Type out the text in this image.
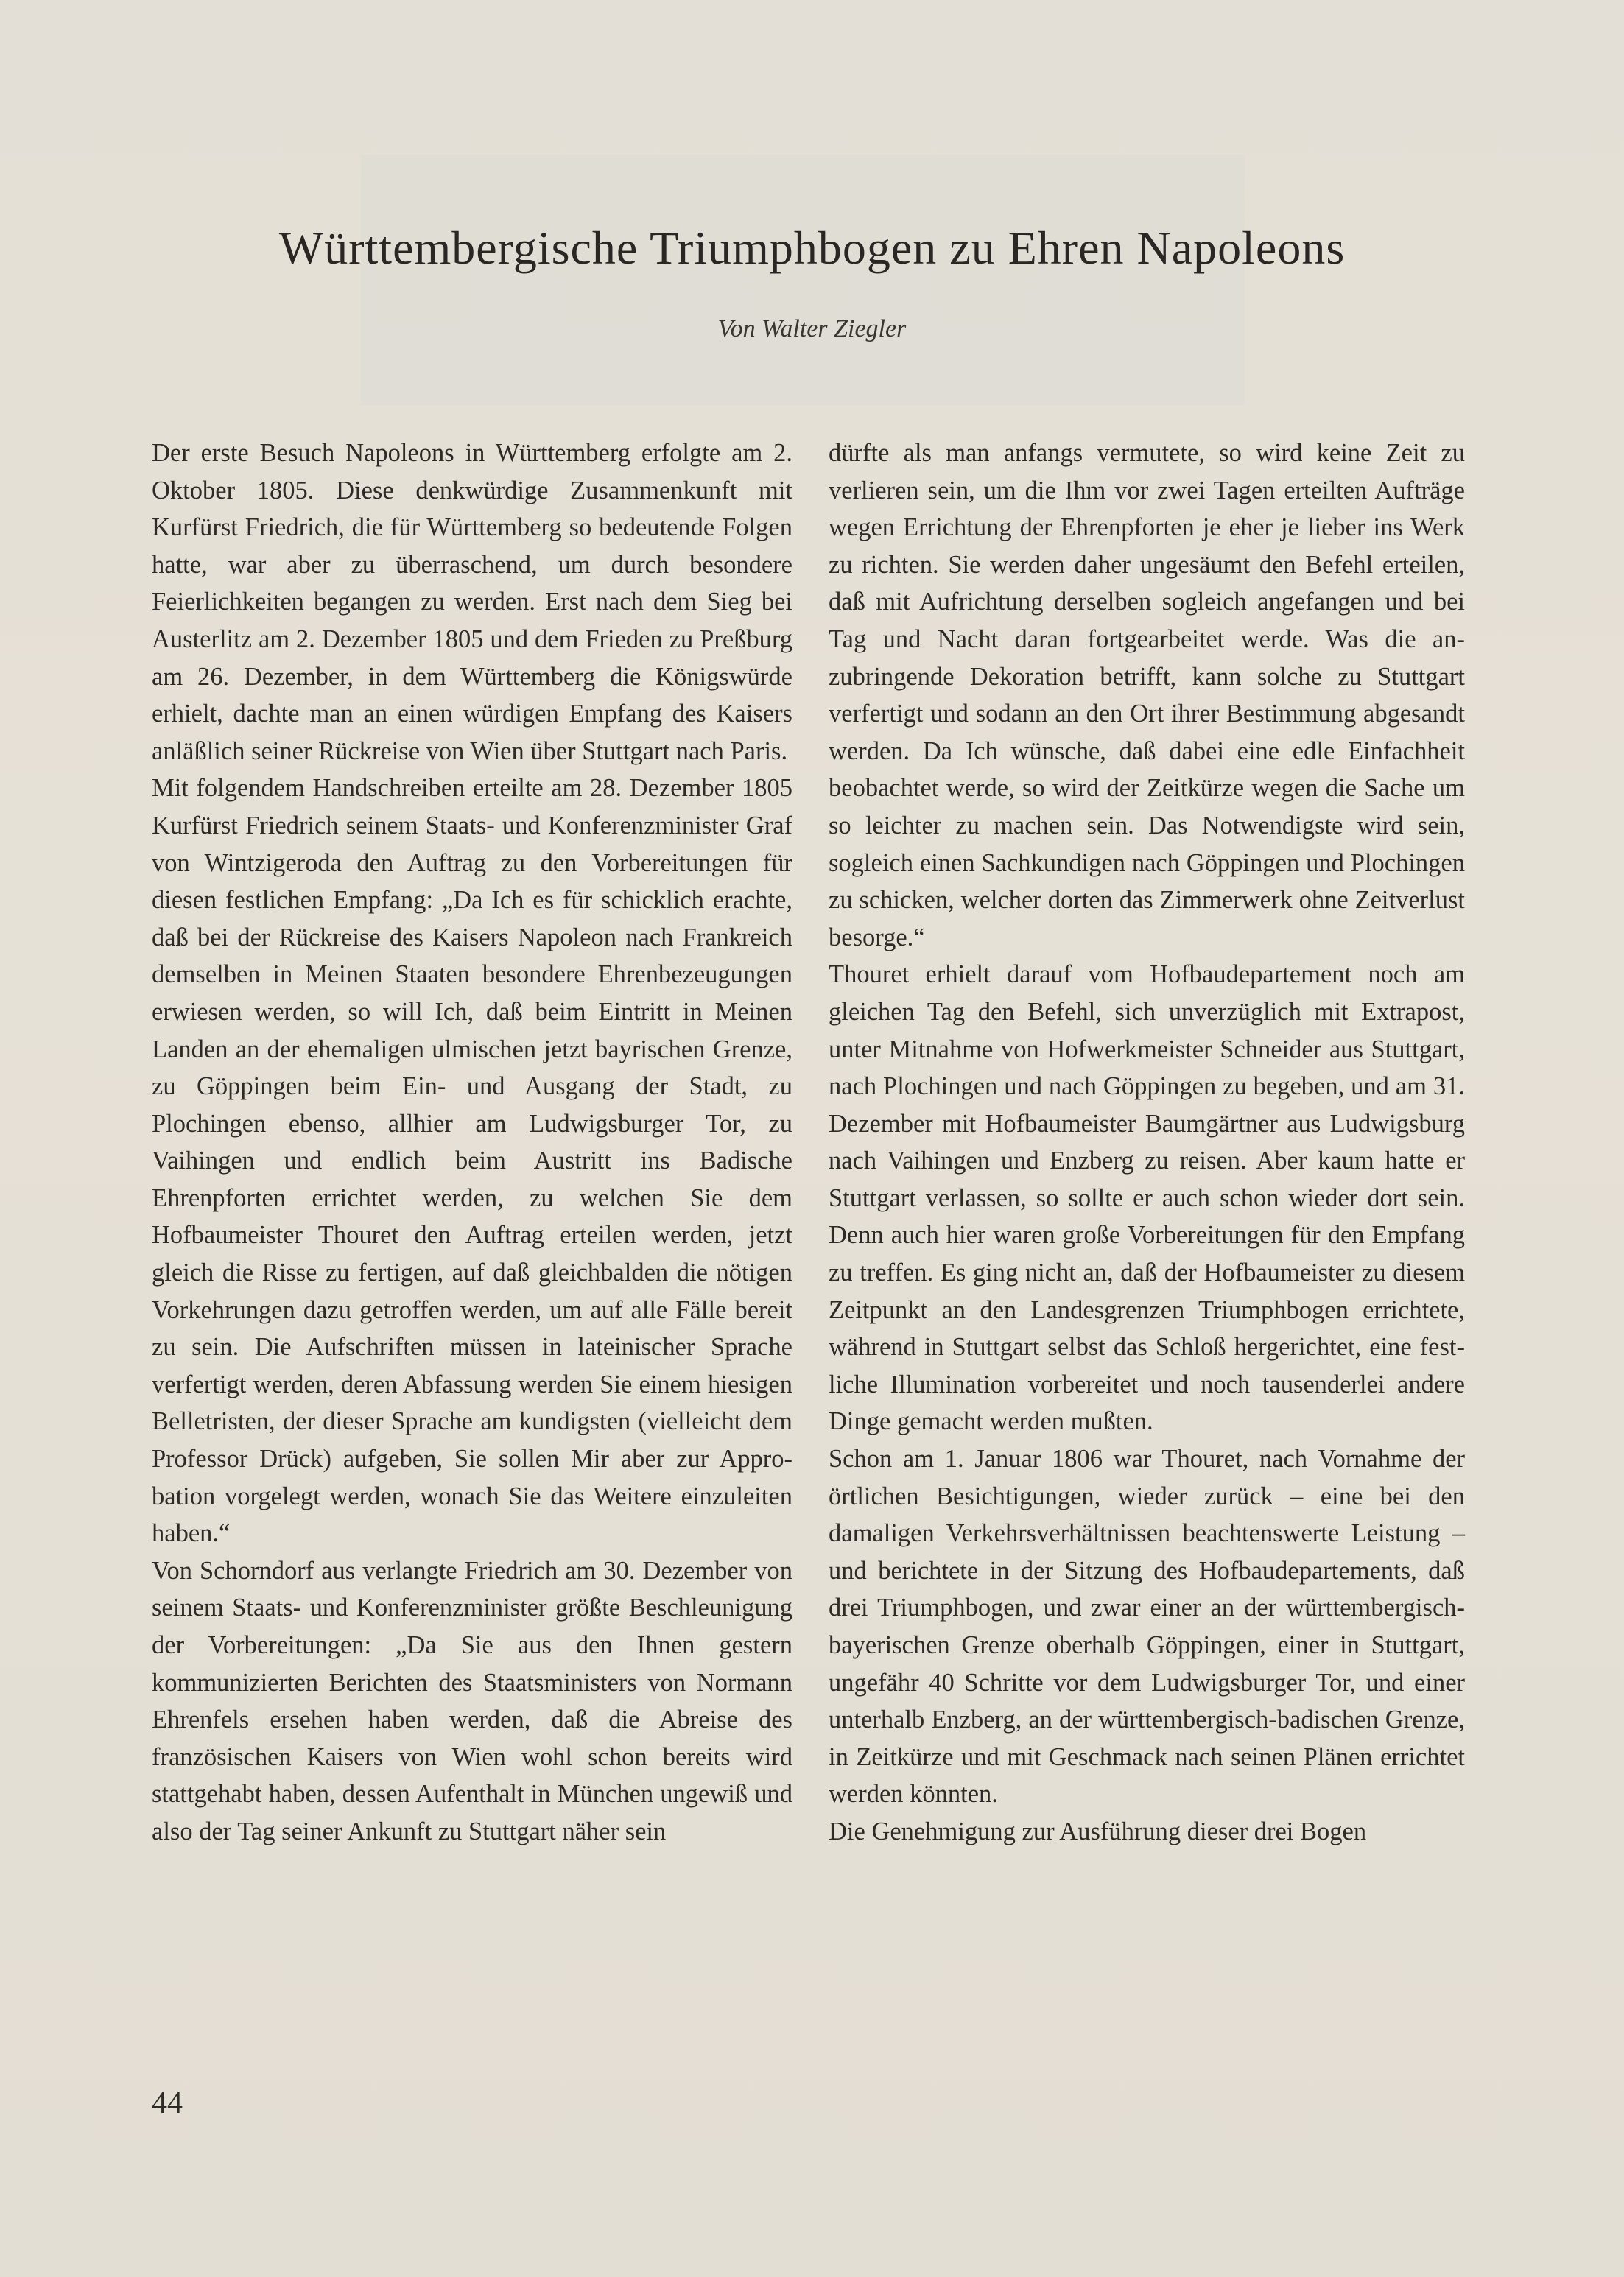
Württembergische Triumphbogen zu Ehren Napoleons
Von Walter Ziegler

Der erste Besuch Napoleons in Württemberg erfolgte am 2. Oktober 1805. Diese denkwürdige Zusammenkunft mit Kurfürst Friedrich, die für Württemberg so bedeutende Folgen hatte, war aber zu überraschend, um durch besondere Feierlichkeiten begangen zu werden. Erst nach dem Sieg bei Austerlitz am 2. Dezember 1805 und dem Frieden zu Preßburg am 26. Dezember, in dem Württemberg die Königswürde erhielt, dachte man an einen würdigen Empfang des Kaisers anläßlich seiner Rückreise von Wien über Stuttgart nach Paris.

Mit folgendem Handschreiben erteilte am 28. Dezember 1805 Kurfürst Friedrich seinem Staats- und Konferenzminister Graf von Wintzigeroda den Auftrag zu den Vorbereitungen für diesen festlichen Empfang: „Da Ich es für schicklich erachte, daß bei der Rückreise des Kaisers Napoleon nach Frankreich demselben in Meinen Staaten besondere Ehrenbezeugungen erwiesen werden, so will Ich, daß beim Eintritt in Meinen Landen an der ehemaligen ulmischen jetzt bayrischen Grenze, zu Göppingen beim Ein- und Ausgang der Stadt, zu Plochingen ebenso, allhier am Ludwigsburger Tor, zu Vaihingen und endlich beim Austritt ins Badische Ehrenpforten errichtet werden, zu welchen Sie dem Hofbaumeister Thouret den Auftrag erteilen werden, jetzt gleich die Risse zu fertigen, auf daß gleichbalden die nötigen Vorkehrungen dazu getroffen werden, um auf alle Fälle bereit zu sein. Die Aufschriften müssen in lateinischer Sprache verfertigt werden, deren Abfassung werden Sie einem hiesigen Belletristen, der dieser Sprache am kundigsten (vielleicht dem Professor Drück) aufgeben, Sie sollen Mir aber zur Approbation vorgelegt werden, wonach Sie das Weitere einzuleiten haben.“

Von Schorndorf aus verlangte Friedrich am 30. Dezember von seinem Staats- und Konferenzminister größte Beschleunigung der Vorbereitungen: „Da Sie aus den Ihnen gestern kommunizierten Berichten des Staatsministers von Normann Ehrenfels ersehen haben werden, daß die Abreise des französischen Kaisers von Wien wohl schon bereits wird stattgehabt haben, dessen Aufenthalt in München ungewiß und also der Tag seiner Ankunft zu Stuttgart näher sein

dürfte als man anfangs vermutete, so wird keine Zeit zu verlieren sein, um die Ihm vor zwei Tagen erteilten Aufträge wegen Errichtung der Ehrenpforten je eher je lieber ins Werk zu richten. Sie werden daher ungesäumt den Befehl erteilen, daß mit Aufrichtung derselben sogleich angefangen und bei Tag und Nacht daran fortgearbeitet werde. Was die anzubringende Dekoration betrifft, kann solche zu Stuttgart verfertigt und sodann an den Ort ihrer Bestimmung abgesandt werden. Da Ich wünsche, daß dabei eine edle Einfachheit beobachtet werde, so wird der Zeitkürze wegen die Sache um so leichter zu machen sein. Das Notwendigste wird sein, sogleich einen Sachkundigen nach Göppingen und Plochingen zu schicken, welcher dorten das Zimmerwerk ohne Zeitverlust besorge.“

Thouret erhielt darauf vom Hofbaudepartement noch am gleichen Tag den Befehl, sich unverzüglich mit Extrapost, unter Mitnahme von Hofwerkmeister Schneider aus Stuttgart, nach Plochingen und nach Göppingen zu begeben, und am 31. Dezember mit Hofbaumeister Baumgärtner aus Ludwigsburg nach Vaihingen und Enzberg zu reisen. Aber kaum hatte er Stuttgart verlassen, so sollte er auch schon wieder dort sein. Denn auch hier waren große Vorbereitungen für den Empfang zu treffen. Es ging nicht an, daß der Hofbaumeister zu diesem Zeitpunkt an den Landesgrenzen Triumphbogen errichtete, während in Stuttgart selbst das Schloß hergerichtet, eine festliche Illumination vorbereitet und noch tausenderlei andere Dinge gemacht werden mußten.

Schon am 1. Januar 1806 war Thouret, nach Vornahme der örtlichen Besichtigungen, wieder zurück – eine bei den damaligen Verkehrsverhältnissen beachtenswerte Leistung – und berichtete in der Sitzung des Hofbaudepartements, daß drei Triumphbogen, und zwar einer an der württembergisch-bayerischen Grenze oberhalb Göppingen, einer in Stuttgart, ungefähr 40 Schritte vor dem Ludwigsburger Tor, und einer unterhalb Enzberg, an der württembergisch-badischen Grenze, in Zeitkürze und mit Geschmack nach seinen Plänen errichtet werden könnten.

Die Genehmigung zur Ausführung dieser drei Bogen

44
